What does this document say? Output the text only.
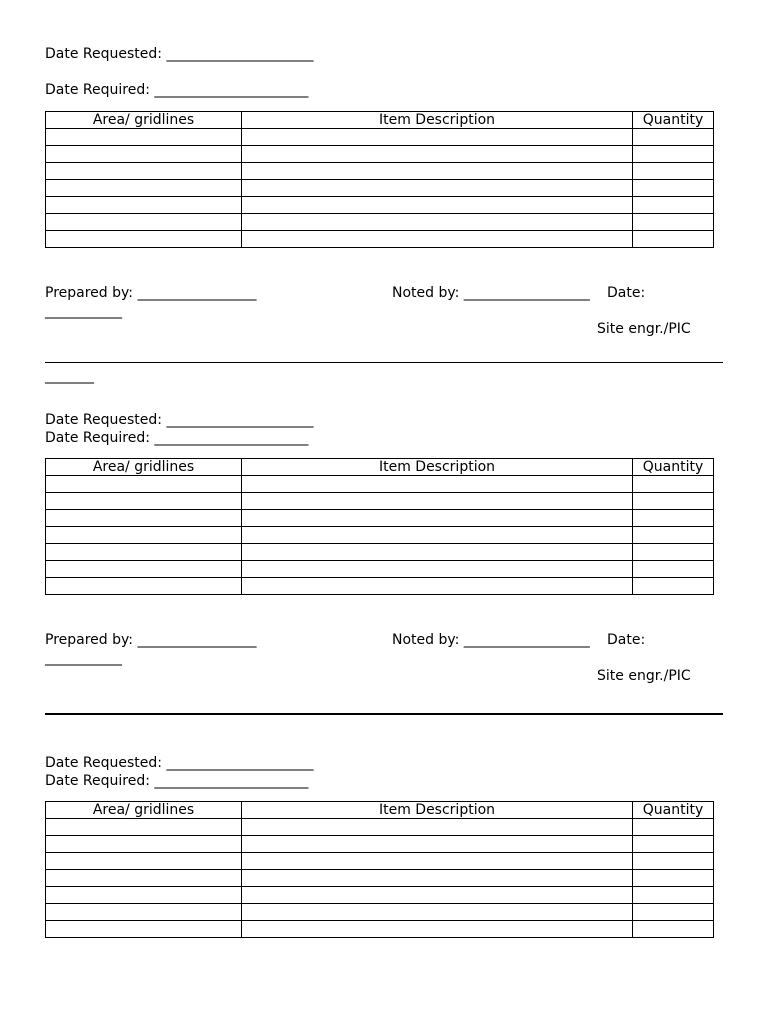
Date Requested: _____________________
Date Required: ______________________
Area/ gridlines	Item Description	Quantity

Prepared by: _________________	Noted by: __________________ Date:
___________
Site engr./PIC
_______
Date Requested: _____________________
Date Required: ______________________
Area/ gridlines	Item Description	Quantity

Prepared by: _________________	Noted by: __________________ Date:
___________
Site engr./PIC
Date Requested: _____________________
Date Required: ______________________
Area/ gridlines	Item Description	Quantity
